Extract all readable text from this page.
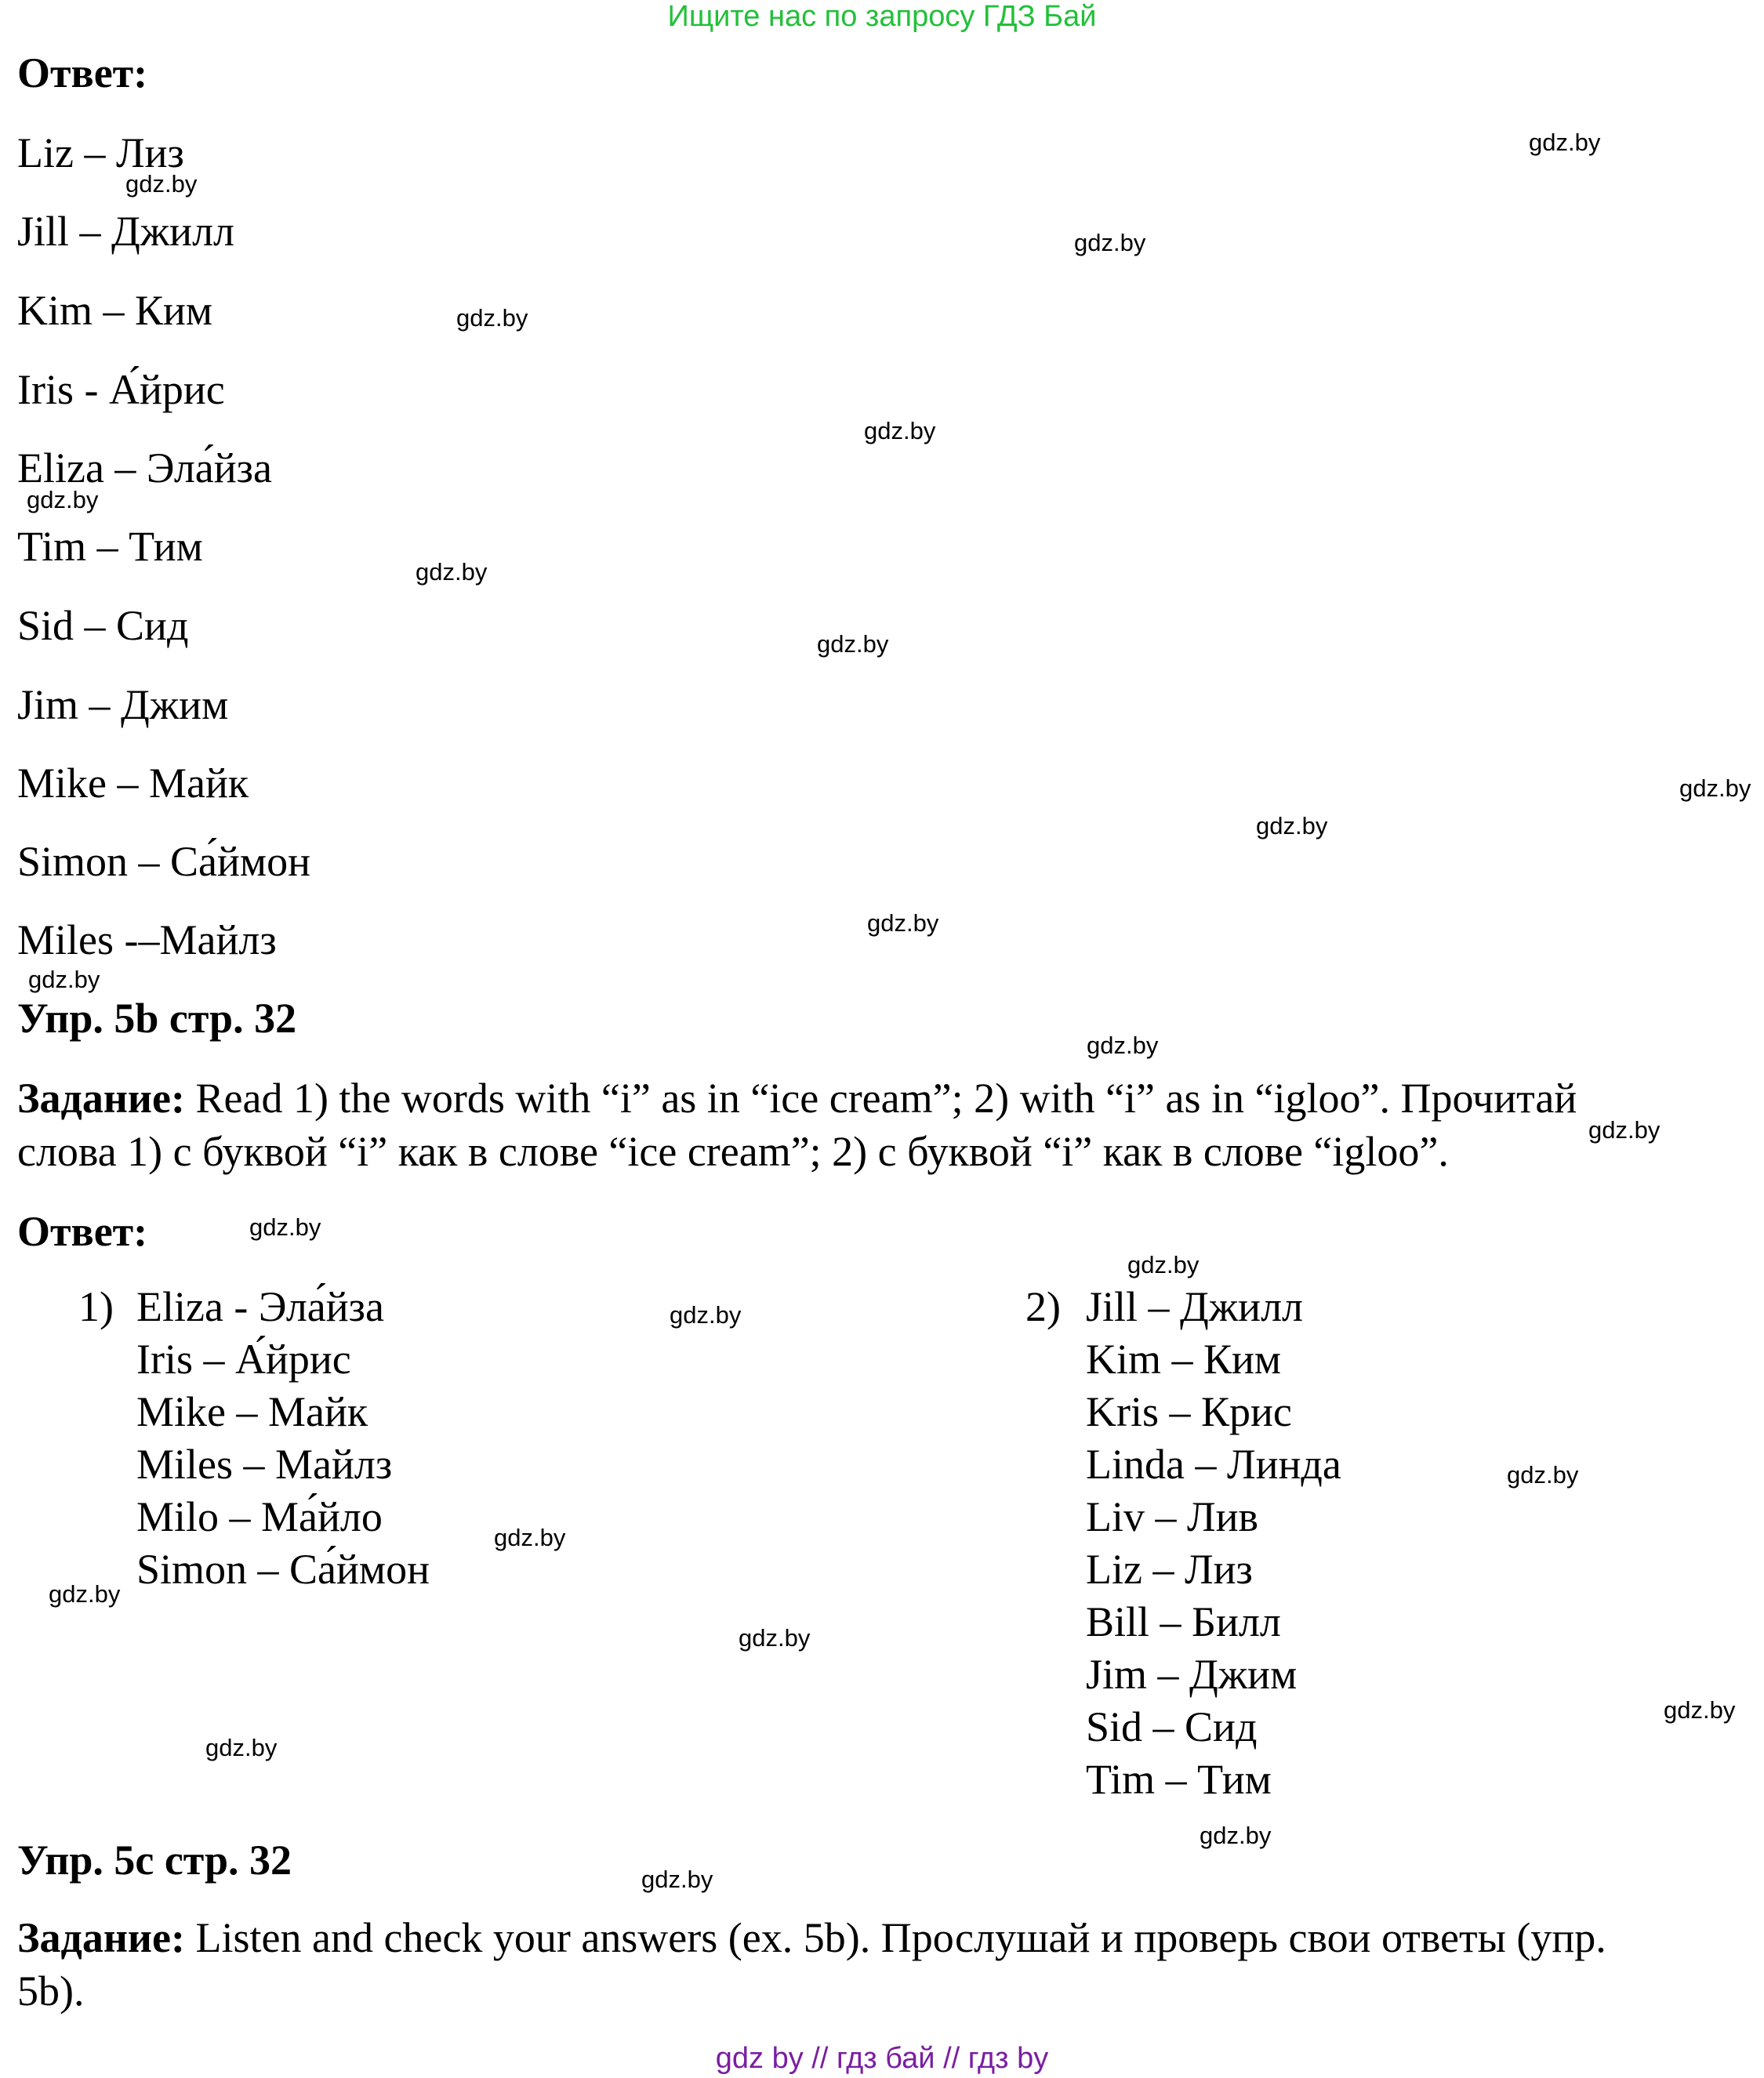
Ищите нас по запросу ГДЗ Бай
Ответ:
Liz – Лиз
Jill – Джилл
Kim – Ким
Iris - А́йрис
Eliza – Эла́йза
Tim – Тим
Sid – Сид
Jim – Джим
Mike – Майк
Simon – Са́ймон
Miles -–Майлз
Упр. 5b стр. 32
Задание: Read 1) the words with “i” as in “ice cream”; 2) with “i” as in “igloo”. Прочитай
слова 1) с буквой “i” как в слове “ice cream”; 2) с буквой “i” как в слове “igloo”.
Ответ:
1) Eliza - Эла́йза
Iris – А́йрис
Mike – Майк
Miles – Майлз
Milo – Ма́йло
Simon – Са́ймон
2) Jill – Джилл
Kim – Ким
Kris – Крис
Linda – Линда
Liv – Лив
Liz – Лиз
Bill – Билл
Jim – Джим
Sid – Сид
Tim – Тим
Упр. 5c стр. 32
Задание: Listen and check your answers (ex. 5b). Прослушай и проверь свои ответы (упр.
5b).
gdz.by
gdz.by
gdz.by
gdz.by
gdz.by
gdz.by
gdz.by
gdz.by
gdz.by
gdz.by
gdz.by
gdz.by
gdz.by
gdz.by
gdz.by
gdz.by
gdz.by
gdz.by
gdz.by
gdz.by
gdz.by
gdz.by
gdz.by
gdz.by
gdz.by
gdz by // гдз бай // гдз by
